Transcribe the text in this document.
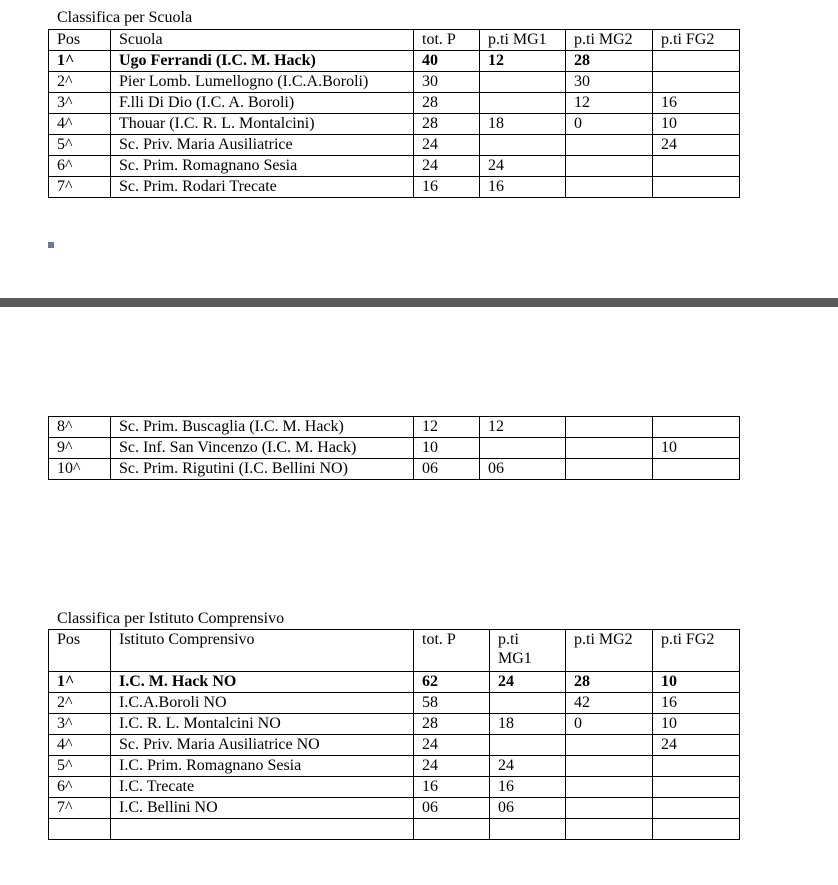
Classifica per Scuola
Pos	Scuola	tot. P	p.ti MG1	p.ti MG2	p.ti FG2
1^	Ugo Ferrandi (I.C. M. Hack)	40	12	28	
2^	Pier Lomb. Lumellogno (I.C.A.Boroli)	30		30	
3^	F.lli Di Dio (I.C. A. Boroli)	28		12	16
4^	Thouar (I.C. R. L. Montalcini)	28	18	0	10
5^	Sc. Priv. Maria Ausiliatrice	24			24
6^	Sc. Prim. Romagnano Sesia	24	24		
7^	Sc. Prim. Rodari Trecate	16	16		
8^	Sc. Prim. Buscaglia (I.C. M. Hack)	12	12		
9^	Sc. Inf. San Vincenzo (I.C. M. Hack)	10			10
10^	Sc. Prim. Rigutini (I.C. Bellini NO)	06	06		
Classifica per Istituto Comprensivo
Pos	Istituto Comprensivo	tot. P	p.ti MG1	p.ti MG2	p.ti FG2
1^	I.C. M. Hack NO	62	24	28	10
2^	I.C.A.Boroli NO	58		42	16
3^	I.C. R. L. Montalcini NO	28	18	0	10
4^	Sc. Priv. Maria Ausiliatrice NO	24			24
5^	I.C. Prim. Romagnano Sesia	24	24		
6^	I.C. Trecate	16	16		
7^	I.C. Bellini NO	06	06		
